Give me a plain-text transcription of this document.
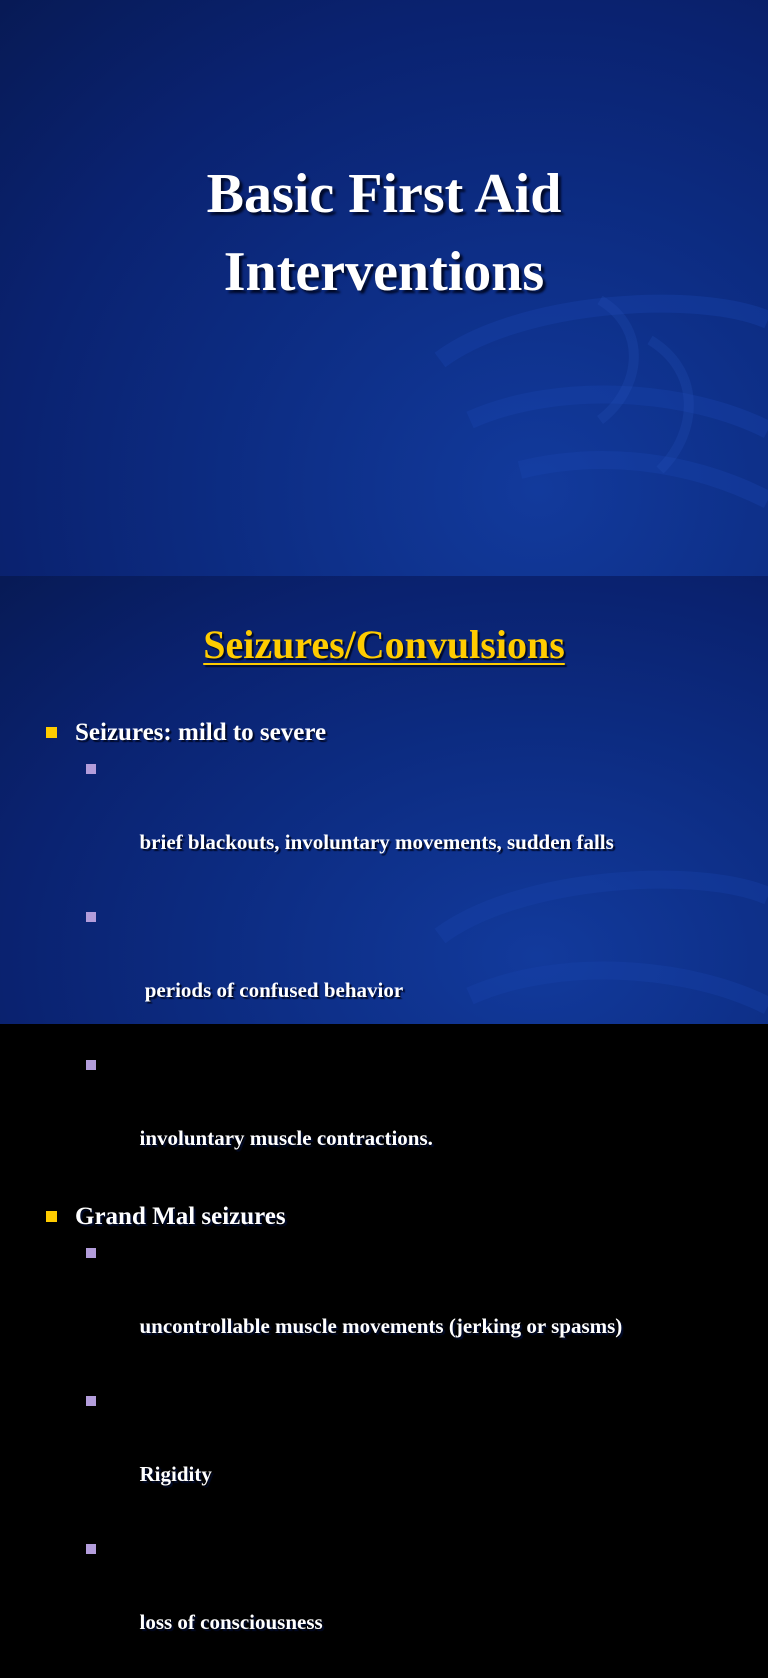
Basic First Aid
Interventions
Seizures/Convulsions
Seizures: mild to severe

brief blackouts, involuntary movements, sudden falls

periods of confused behavior

involuntary muscle contractions.

Grand Mal seizures

uncontrollable muscle movements (jerking or spasms)

Rigidity

loss of consciousness
